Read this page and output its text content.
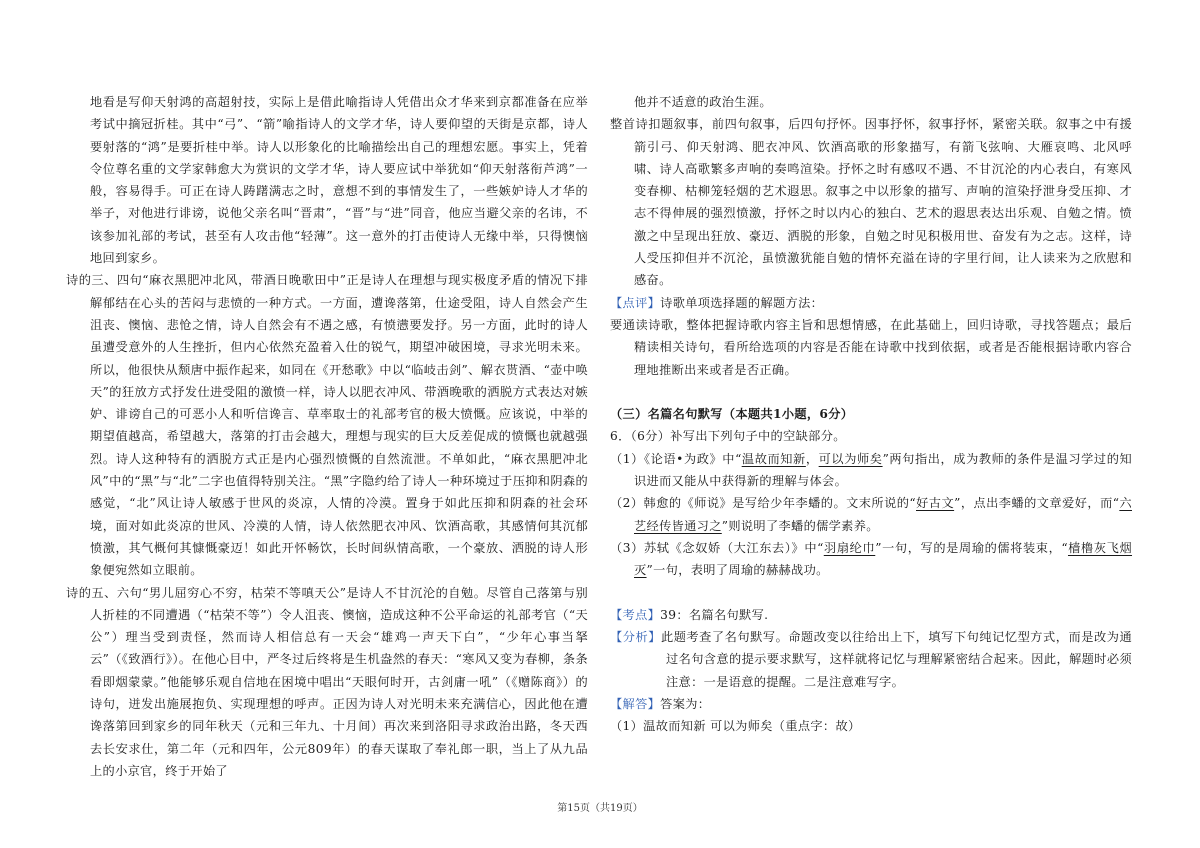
地看是写仰天射鸿的高超射技，实际上是借此喻指诗人凭借出众才华来到京都准备在应举考试中摘冠折桂。其中“弓”、“箭”喻指诗人的文学才华，诗人要仰望的天街是京都，诗人要射落的“鸿”是要折桂中举。诗人以形象化的比喻描绘出自己的理想宏愿。事实上，凭着令位尊名重的文学家韩愈大为赏识的文学才华，诗人要应试中举犹如“仰天射落衔芦鸿”一般，容易得手。可正在诗人踌躇满志之时，意想不到的事情发生了，一些嫉妒诗人才华的举子，对他进行诽谤，说他父亲名叫“晋肃”，“晋”与“进”同音，他应当避父亲的名讳，不该参加礼部的考试，甚至有人攻击他“轻薄”。这一意外的打击使诗人无缘中举，只得懊恼地回到家乡。

诗的三、四句“麻衣黑肥冲北风，带酒日晚歌田中”正是诗人在理想与现实极度矛盾的情况下排解郁结在心头的苦闷与悲愤的一种方式。一方面，遭谗落第，仕途受阻，诗人自然会产生沮丧、懊恼、悲怆之情，诗人自然会有不遇之感，有愤懑要发抒。另一方面，此时的诗人虽遭受意外的人生挫折，但内心依然充盈着入仕的锐气，期望冲破困境，寻求光明未来。所以，他很快从颓唐中振作起来，如同在《开愁歌》中以“临岐击剑”、解衣贳酒、“壶中唤天”的狂放方式抒发仕进受阻的激愤一样，诗人以肥衣冲风、带酒晚歌的洒脱方式表达对嫉妒、诽谤自己的可恶小人和听信谗言、草率取士的礼部考官的极大愤慨。应该说，中举的期望值越高，希望越大，落第的打击会越大，理想与现实的巨大反差促成的愤慨也就越强烈。诗人这种特有的洒脱方式正是内心强烈愤慨的自然流泄。不单如此，“麻衣黑肥冲北风”中的“黑”与“北”二字也值得特别关注。“黑”字隐约给了诗人一种环境过于压抑和阴森的感觉，“北”风让诗人敏感于世风的炎凉，人情的冷漠。置身于如此压抑和阴森的社会环境，面对如此炎凉的世风、冷漠的人情，诗人依然肥衣冲风、饮酒高歌，其感情何其沉郁愤激，其气概何其慷慨豪迈！如此开怀畅饮，长时间纵情高歌，一个豪放、洒脱的诗人形象便宛然如立眼前。

诗的五、六句“男儿屈穷心不穷，枯荣不等嗔天公”是诗人不甘沉沦的自勉。尽管自己落第与别人折桂的不同遭遇（“枯荣不等”）令人沮丧、懊恼，造成这种不公平命运的礼部考官（“天公”）理当受到责怪，然而诗人相信总有一天会“雄鸡一声天下白”，“少年心事当拏云”（《致酒行》）。在他心目中，严冬过后终将是生机盎然的春天：“寒风又变为春柳，条条看即烟蒙蒙。”他能够乐观自信地在困境中唱出“天眼何时开，古剑庸一吼”（《赠陈商》）的诗句，迸发出施展抱负、实现理想的呼声。正因为诗人对光明未来充满信心，因此他在遭谗落第回到家乡的同年秋天（元和三年九、十月间）再次来到洛阳寻求政治出路，冬天西去长安求仕，第二年（元和四年，公元809年）的春天谋取了奉礼郎一职，当上了从九品上的小京官，终于开始了

他并不适意的政治生涯。

整首诗扣题叙事，前四句叙事，后四句抒怀。因事抒怀，叙事抒怀，紧密关联。叙事之中有援箭引弓、仰天射鸿、肥衣冲风、饮酒高歌的形象描写，有箭飞弦响、大雁哀鸣、北风呼啸、诗人高歌繁多声响的奏鸣渲染。抒怀之时有感叹不遇、不甘沉沦的内心表白，有寒风变春柳、枯柳笼轻烟的艺术遐思。叙事之中以形象的描写、声响的渲染抒泄身受压抑、才志不得伸展的强烈愤激，抒怀之时以内心的独白、艺术的遐思表达出乐观、自勉之情。愤激之中呈现出狂放、豪迈、洒脱的形象，自勉之时见积极用世、奋发有为之志。这样，诗人受压抑但并不沉沦，虽愤激犹能自勉的情怀充溢在诗的字里行间，让人读来为之欣慰和感奋。

【点评】诗歌单项选择题的解题方法：

要通读诗歌，整体把握诗歌内容主旨和思想情感，在此基础上，回归诗歌，寻找答题点；最后精读相关诗句，看所给选项的内容是否能在诗歌中找到依据，或者是否能根据诗歌内容合理地推断出来或者是否正确。

（三）名篇名句默写（本题共1小题，6分）

6．（6分）补写出下列句子中的空缺部分。

（1）《论语•为政》中“温故而知新，可以为师矣”两句指出，成为教师的条件是温习学过的知识进而又能从中获得新的理解与体会。

（2）韩愈的《师说》是写给少年李蟠的。文末所说的“好古文”，点出李蟠的文章爱好，而“六艺经传皆通习之”则说明了李蟠的儒学素养。

（3）苏轼《念奴娇（大江东去）》中“羽扇纶巾”一句，写的是周瑜的儒将装束，“樯橹灰飞烟灭”一句，表明了周瑜的赫赫战功。

【考点】39：名篇名句默写.

【分析】此题考查了名句默写。命题改变以往给出上下，填写下句纯记忆型方式，而是改为通过名句含意的提示要求默写，这样就将记忆与理解紧密结合起来。因此，解题时必须注意：一是语意的提醒。二是注意难写字。

【解答】答案为：

（1）温故而知新 可以为师矣（重点字：故）

第15页（共19页）
